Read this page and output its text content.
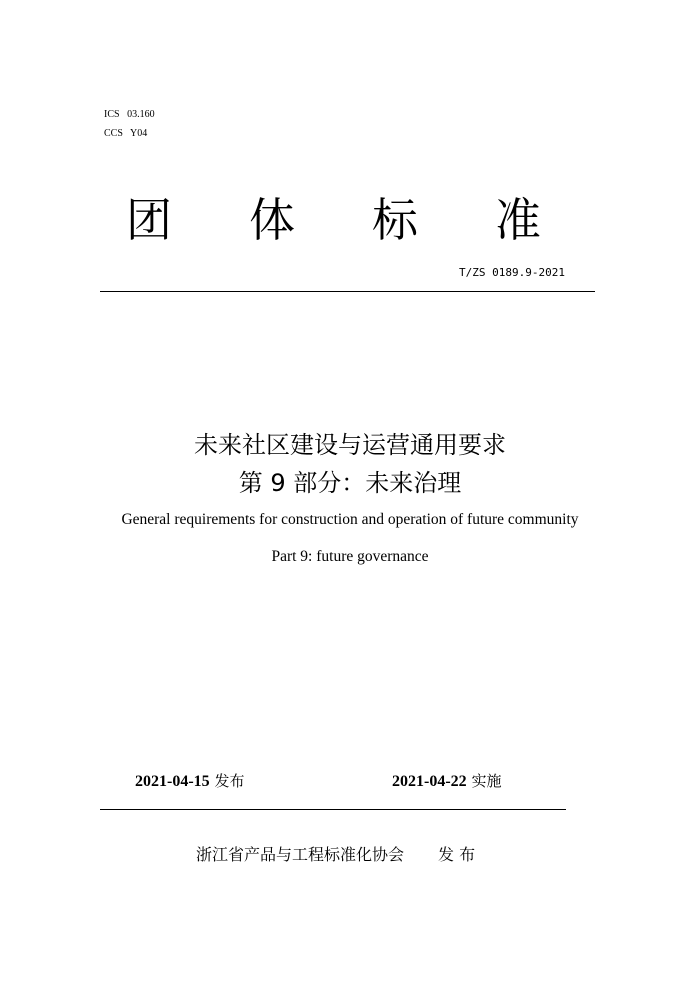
ICS 03.160
CCS Y04
团 体 标 准
T/ZS 0189.9-2021
未来社区建设与运营通用要求
第 9 部分：未来治理
General requirements for construction and operation of future community
Part 9: future governance
2021-04-15 发布	2021-04-22 实施
浙江省产品与工程标准化协会 发 布
